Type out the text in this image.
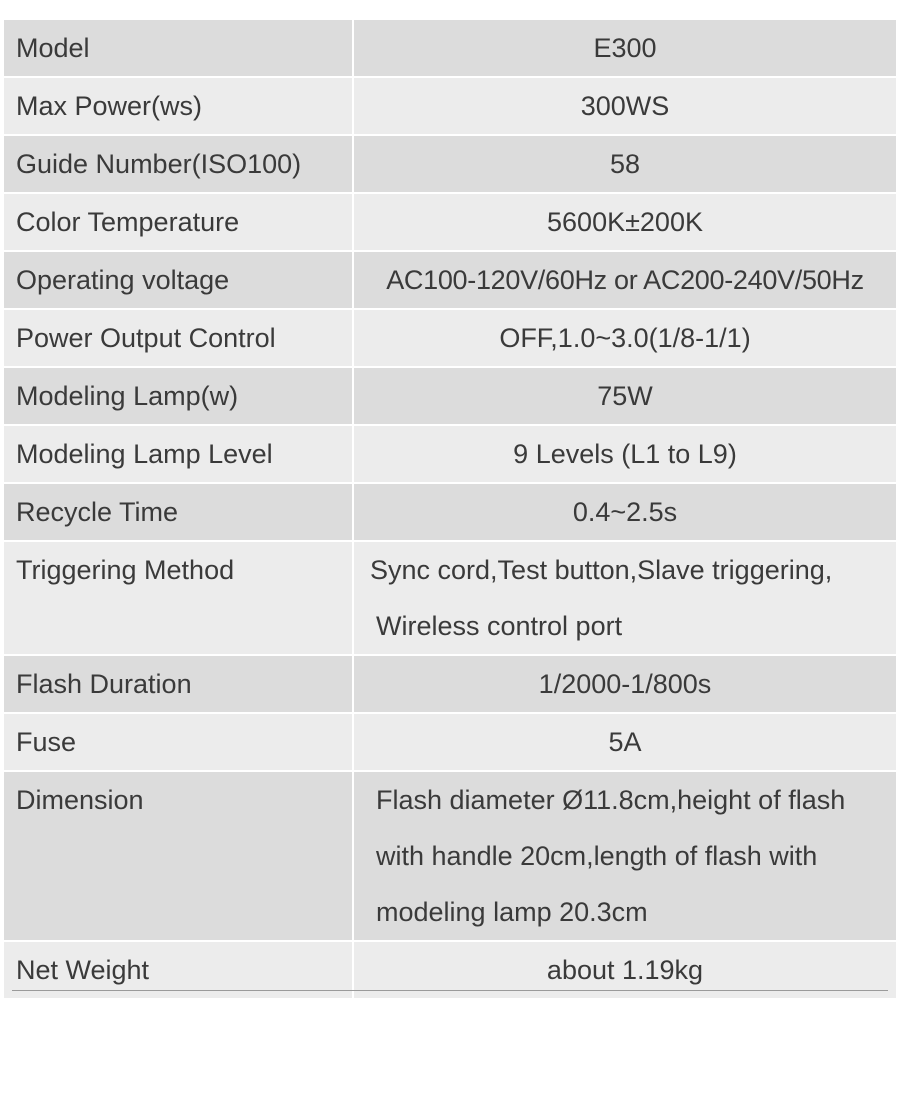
Model	E300

Max Power(ws)	300WS

Guide Number(ISO100)	58

Color Temperature	5600K±200K

Operating voltage	AC100-120V/60Hz or AC200-240V/50Hz

Power Output Control	OFF,1.0~3.0(1/8-1/1)

Modeling Lamp(w)	75W

Modeling Lamp Level	9 Levels (L1 to L9)

Recycle Time	0.4~2.5s

Triggering Method	Sync cord,Test button,Slave triggering,
Wireless control port

Flash Duration	1/2000-1/800s

Fuse	5A

Dimension	Flash diameter Ø11.8cm,height of flash
with handle 20cm,length of flash with
modeling lamp 20.3cm

Net Weight	about 1.19kg
